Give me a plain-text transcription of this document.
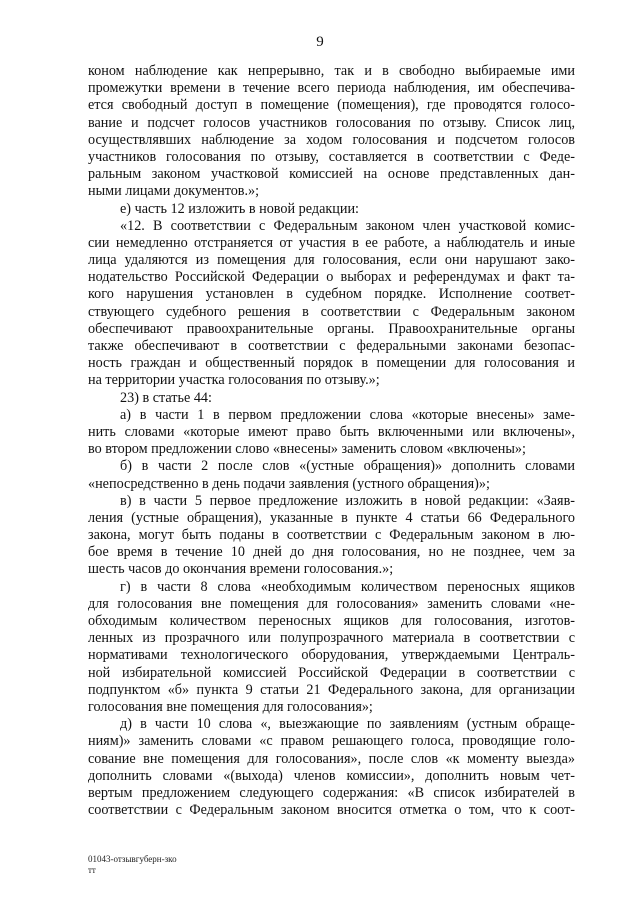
9
коном наблюдение как непрерывно, так и в свободно выбираемые ими
промежутки времени в течение всего периода наблюдения, им обеспечива-
ется свободный доступ в помещение (помещения), где проводятся голосо-
вание и подсчет голосов участников голосования по отзыву. Список лиц,
осуществлявших наблюдение за ходом голосования и подсчетом голосов
участников голосования по отзыву, составляется в соответствии с Феде-
ральным законом участковой комиссией на основе представленных дан-
ными лицами документов.»;
е) часть 12 изложить в новой редакции:
«12. В соответствии с Федеральным законом член участковой комис-
сии немедленно отстраняется от участия в ее работе, а наблюдатель и иные
лица удаляются из помещения для голосования, если они нарушают зако-
нодательство Российской Федерации о выборах и референдумах и факт та-
кого нарушения установлен в судебном порядке. Исполнение соответ-
ствующего судебного решения в соответствии с Федеральным законом
обеспечивают правоохранительные органы. Правоохранительные органы
также обеспечивают в соответствии с федеральными законами безопас-
ность граждан и общественный порядок в помещении для голосования и
на территории участка голосования по отзыву.»;
23) в статье 44:
а) в части 1 в первом предложении слова «которые внесены» заме-
нить словами «которые имеют право быть включенными или включены»,
во втором предложении слово «внесены» заменить словом «включены»;
б) в части 2 после слов «(устные обращения)» дополнить словами
«непосредственно в день подачи заявления (устного обращения)»;
в) в части 5 первое предложение изложить в новой редакции: «Заяв-
ления (устные обращения), указанные в пункте 4 статьи 66 Федерального
закона, могут быть поданы в соответствии с Федеральным законом в лю-
бое время в течение 10 дней до дня голосования, но не позднее, чем за
шесть часов до окончания времени голосования.»;
г) в части 8 слова «необходимым количеством переносных ящиков
для голосования вне помещения для голосования» заменить словами «не-
обходимым количеством переносных ящиков для голосования, изготов-
ленных из прозрачного или полупрозрачного материала в соответствии с
нормативами технологического оборудования, утверждаемыми Централь-
ной избирательной комиссией Российской Федерации в соответствии с
подпунктом «б» пункта 9 статьи 21 Федерального закона, для организации
голосования вне помещения для голосования»;
д) в части 10 слова «, выезжающие по заявлениям (устным обраще-
ниям)» заменить словами «с правом решающего голоса, проводящие голо-
сование вне помещения для голосования», после слов «к моменту выезда»
дополнить словами «(выхода) членов комиссии», дополнить новым чет-
вертым предложением следующего содержания: «В список избирателей в
соответствии с Федеральным законом вносится отметка о том, что к соот-
01043-отзывгуберн-зко
тт
